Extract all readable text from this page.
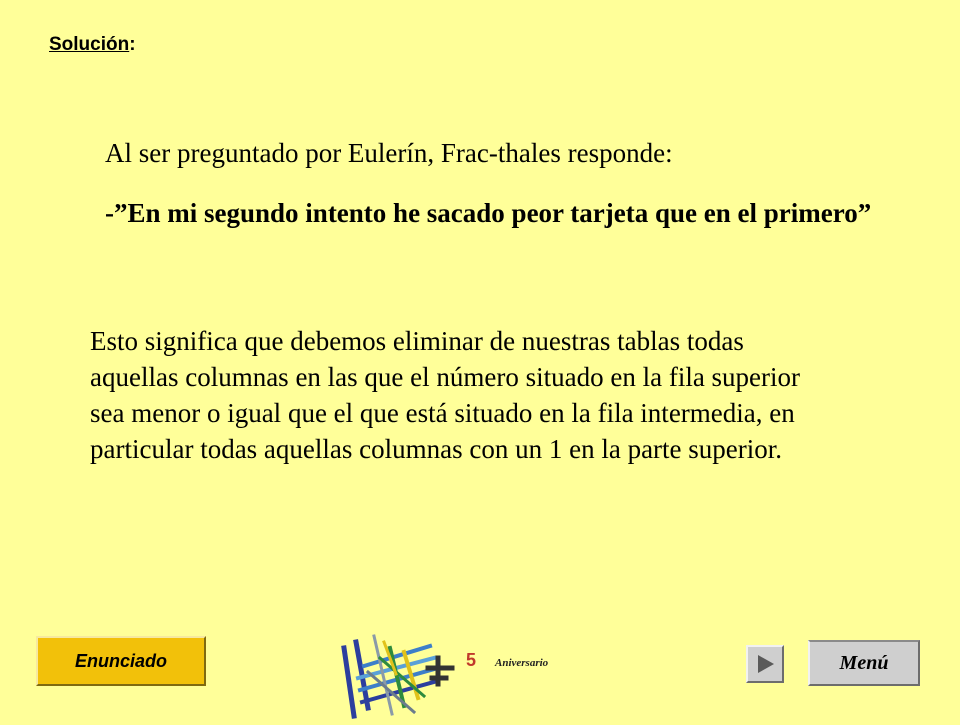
Solución:
Al ser preguntado por Eulerín, Frac-thales responde:
-”En mi segundo intento he sacado peor tarjeta que en el primero”
Esto significa que debemos eliminar de nuestras tablas todas aquellas columnas en las que el número situado en la fila superior sea menor o igual que el que está situado en la fila intermedia, en particular todas aquellas columnas con un 1 en la parte superior.
Enunciado	5 Aniversario	Menú
